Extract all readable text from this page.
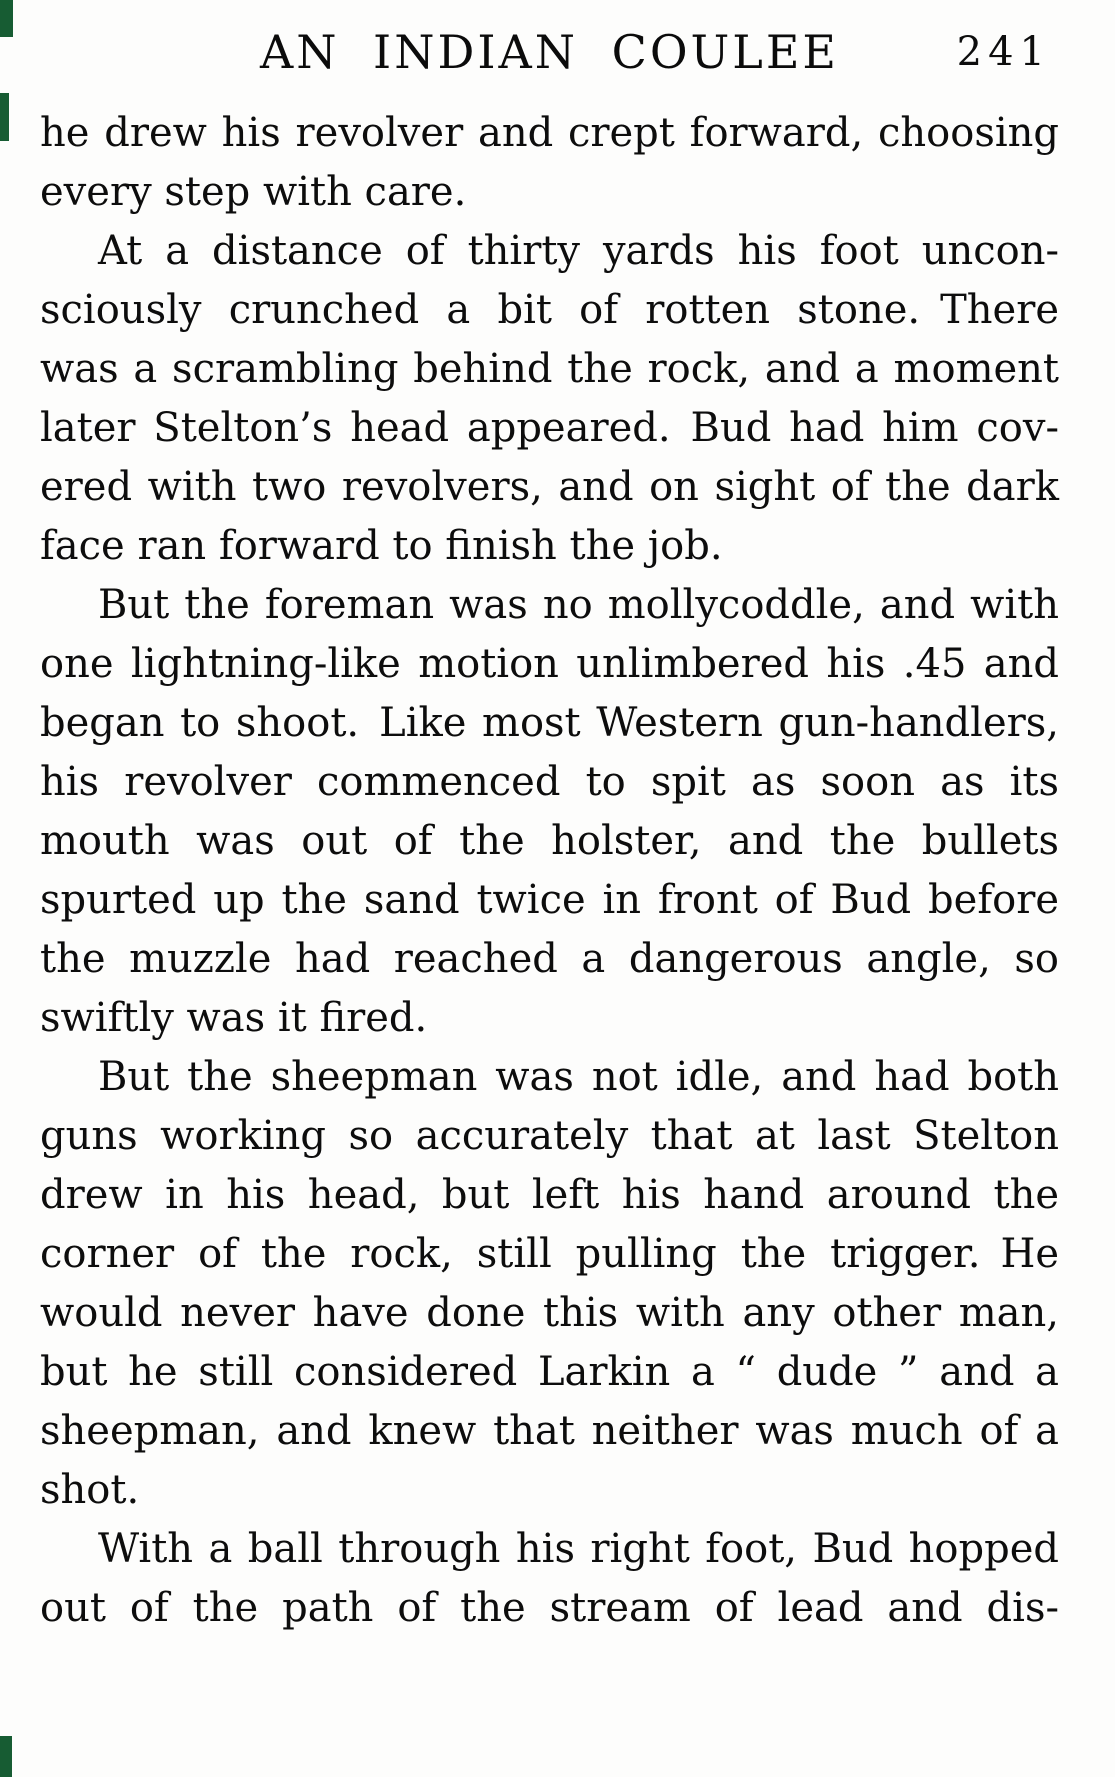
AN INDIAN COULEE	241
he drew his revolver and crept forward, choosing
every step with care.
At a distance of thirty yards his foot uncon-
sciously crunched a bit of rotten stone. There
was a scrambling behind the rock, and a moment
later Stelton’s head appeared. Bud had him cov-
ered with two revolvers, and on sight of the dark
face ran forward to finish the job.
But the foreman was no mollycoddle, and with
one lightning-like motion unlimbered his .45 and
began to shoot. Like most Western gun-handlers,
his revolver commenced to spit as soon as its
mouth was out of the holster, and the bullets
spurted up the sand twice in front of Bud before
the muzzle had reached a dangerous angle, so
swiftly was it fired.
But the sheepman was not idle, and had both
guns working so accurately that at last Stelton
drew in his head, but left his hand around the
corner of the rock, still pulling the trigger. He
would never have done this with any other man,
but he still considered Larkin a “ dude ” and a
sheepman, and knew that neither was much of a
shot.
With a ball through his right foot, Bud hopped
out of the path of the stream of lead and dis-
